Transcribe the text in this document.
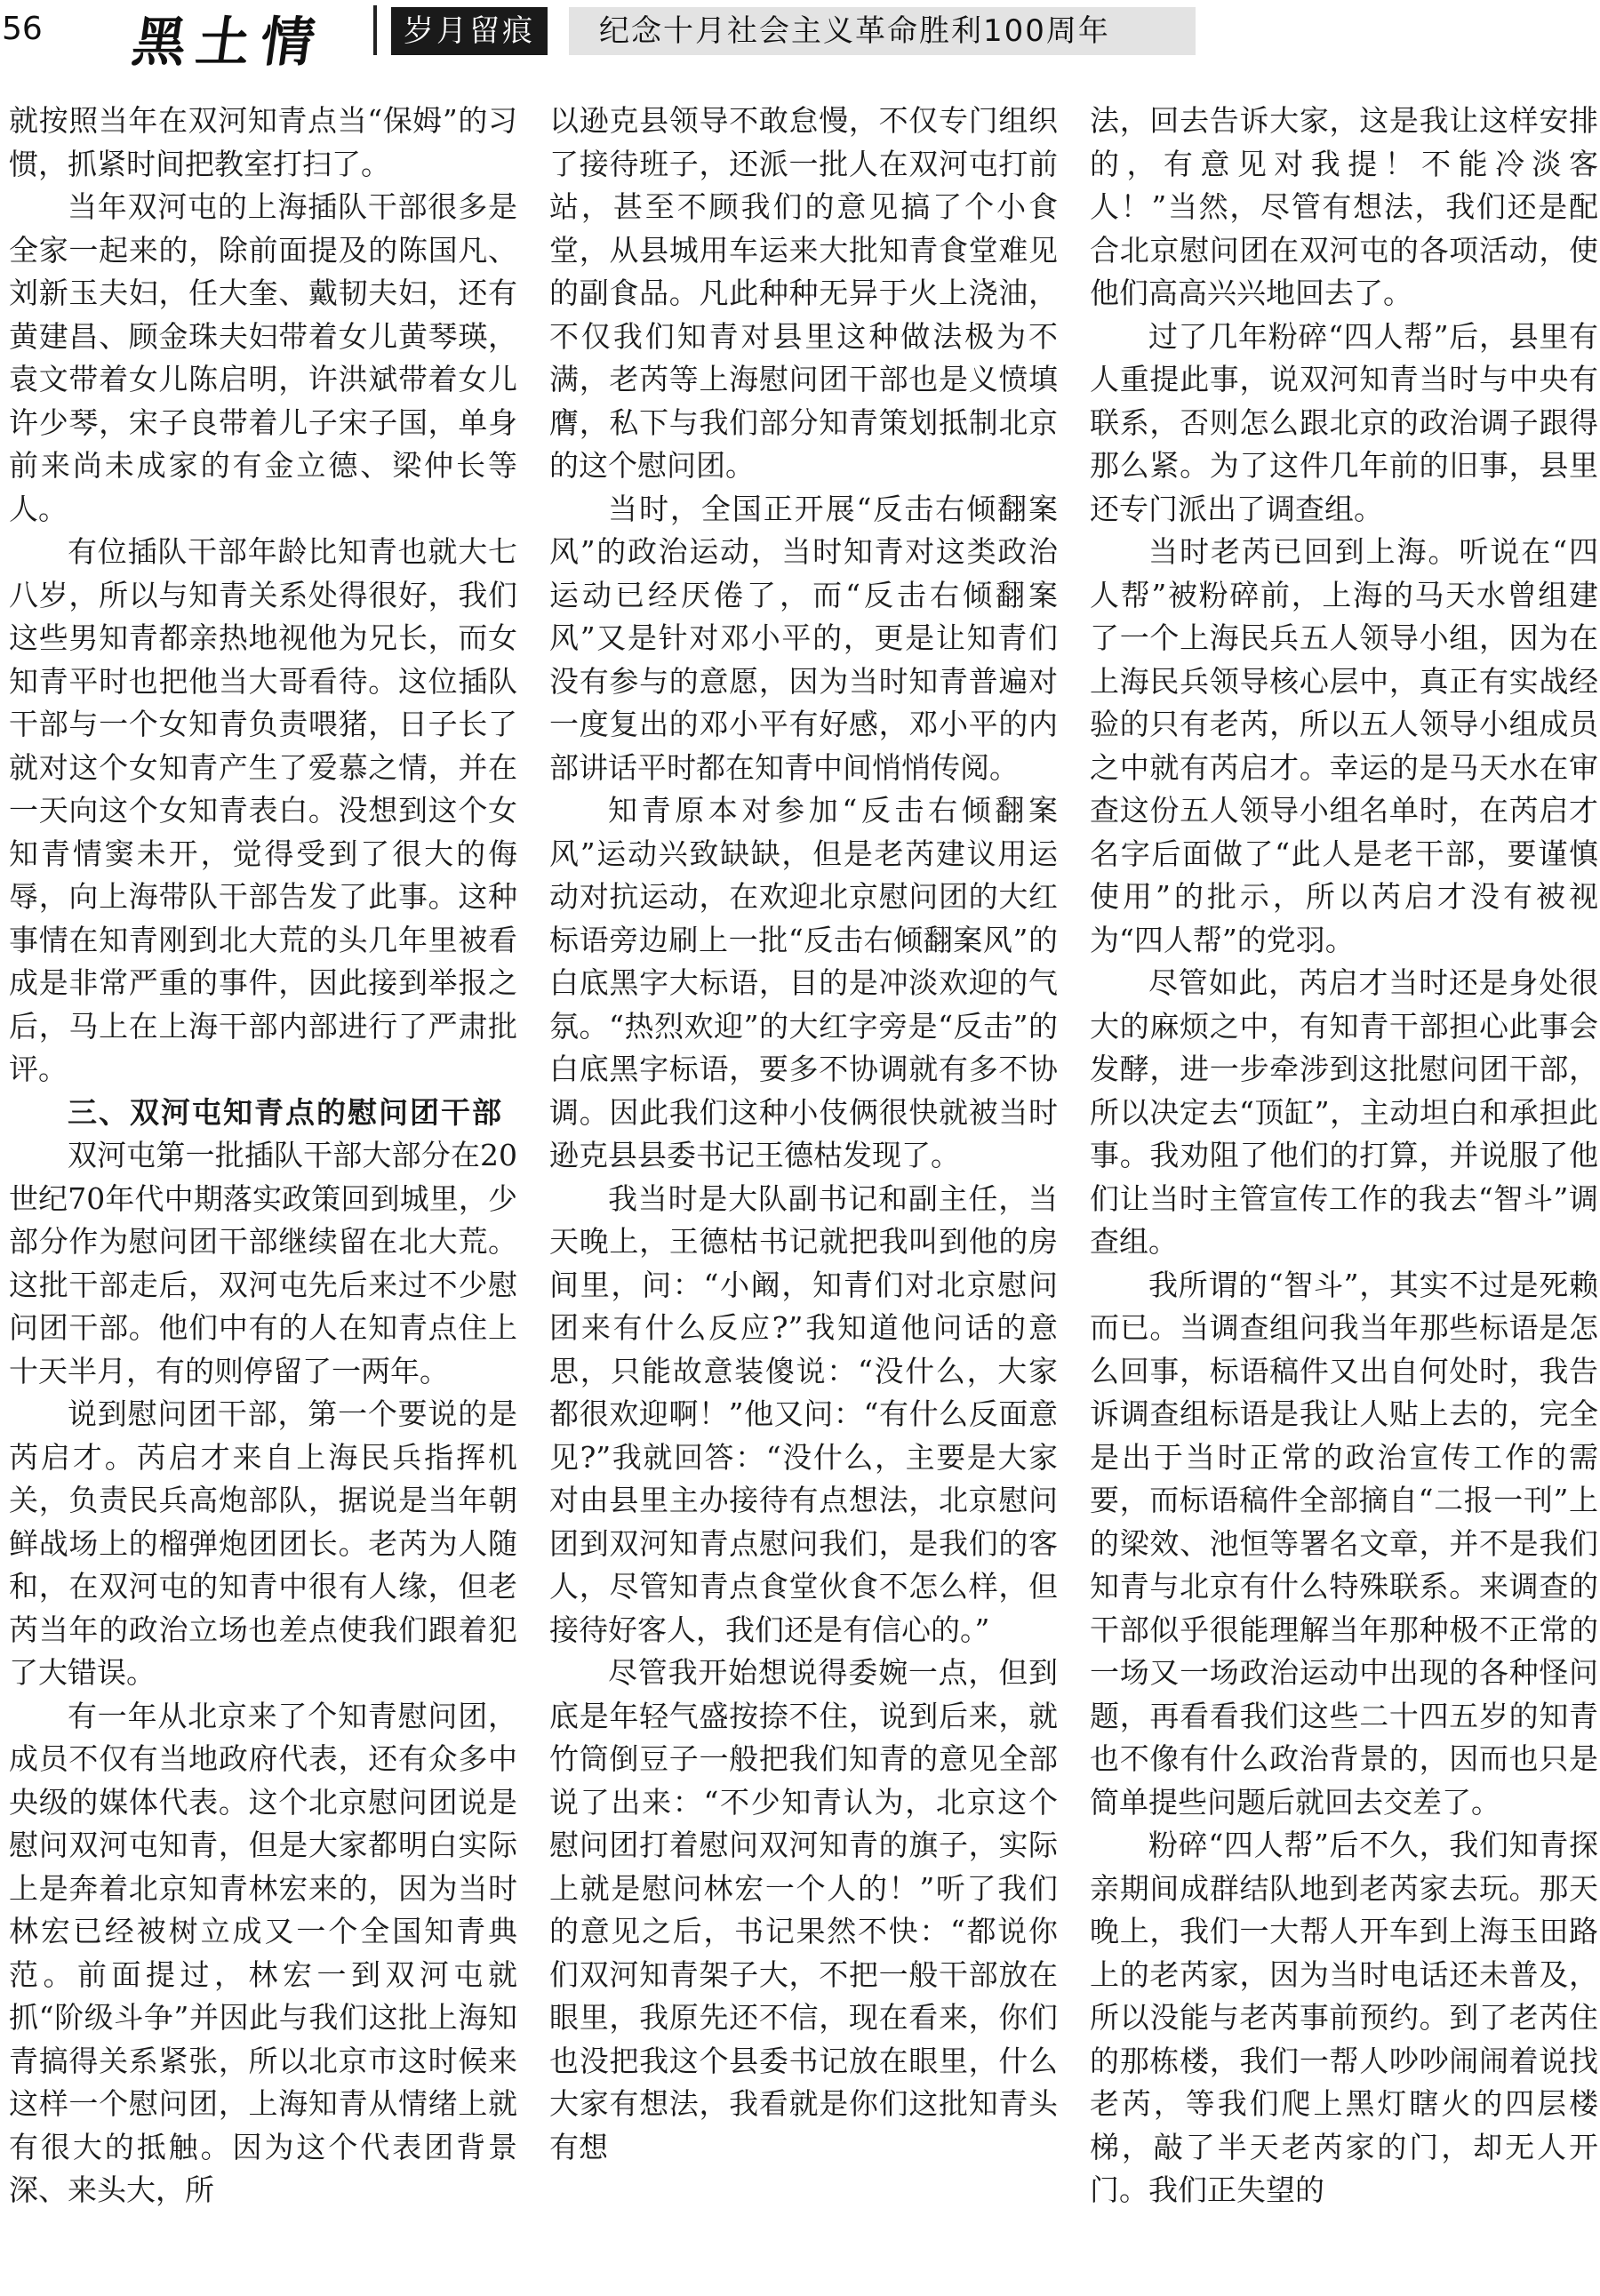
56 黑土情	岁月留痕	纪念十月社会主义革命胜利100周年

就按照当年在双河知青点当“保姆”的习惯，抓紧时间把教室打扫了。

当年双河屯的上海插队干部很多是全家一起来的，除前面提及的陈国凡、刘新玉夫妇，任大奎、戴韧夫妇，还有黄建昌、顾金珠夫妇带着女儿黄琴瑛，袁文带着女儿陈启明，许洪斌带着女儿许少琴，宋子良带着儿子宋子国，单身前来尚未成家的有金立德、梁仲长等人。

有位插队干部年龄比知青也就大七八岁，所以与知青关系处得很好，我们这些男知青都亲热地视他为兄长，而女知青平时也把他当大哥看待。这位插队干部与一个女知青负责喂猪，日子长了就对这个女知青产生了爱慕之情，并在一天向这个女知青表白。没想到这个女知青情窦未开，觉得受到了很大的侮辱，向上海带队干部告发了此事。这种事情在知青刚到北大荒的头几年里被看成是非常严重的事件，因此接到举报之后，马上在上海干部内部进行了严肃批评。

三、双河屯知青点的慰问团干部

双河屯第一批插队干部大部分在20世纪70年代中期落实政策回到城里，少部分作为慰问团干部继续留在北大荒。这批干部走后，双河屯先后来过不少慰问团干部。他们中有的人在知青点住上十天半月，有的则停留了一两年。

说到慰问团干部，第一个要说的是芮启才。芮启才来自上海民兵指挥机关，负责民兵高炮部队，据说是当年朝鲜战场上的榴弹炮团团长。老芮为人随和，在双河屯的知青中很有人缘，但老芮当年的政治立场也差点使我们跟着犯了大错误。

有一年从北京来了个知青慰问团，成员不仅有当地政府代表，还有众多中央级的媒体代表。这个北京慰问团说是慰问双河屯知青，但是大家都明白实际上是奔着北京知青林宏来的，因为当时林宏已经被树立成又一个全国知青典范。前面提过，林宏一到双河屯就抓“阶级斗争”并因此与我们这批上海知青搞得关系紧张，所以北京市这时候来这样一个慰问团，上海知青从情绪上就有很大的抵触。因为这个代表团背景深、来头大，所

以逊克县领导不敢怠慢，不仅专门组织了接待班子，还派一批人在双河屯打前站，甚至不顾我们的意见搞了个小食堂，从县城用车运来大批知青食堂难见的副食品。凡此种种无异于火上浇油，不仅我们知青对县里这种做法极为不满，老芮等上海慰问团干部也是义愤填膺，私下与我们部分知青策划抵制北京的这个慰问团。

当时，全国正开展“反击右倾翻案风”的政治运动，当时知青对这类政治运动已经厌倦了，而“反击右倾翻案风”又是针对邓小平的，更是让知青们没有参与的意愿，因为当时知青普遍对一度复出的邓小平有好感，邓小平的内部讲话平时都在知青中间悄悄传阅。

知青原本对参加“反击右倾翻案风”运动兴致缺缺，但是老芮建议用运动对抗运动，在欢迎北京慰问团的大红标语旁边刷上一批“反击右倾翻案风”的白底黑字大标语，目的是冲淡欢迎的气氛。“热烈欢迎”的大红字旁是“反击”的白底黑字标语，要多不协调就有多不协调。因此我们这种小伎俩很快就被当时逊克县县委书记王德枯发现了。

我当时是大队副书记和副主任，当天晚上，王德枯书记就把我叫到他的房间里，问：“小阚，知青们对北京慰问团来有什么反应?”我知道他问话的意思，只能故意装傻说：“没什么，大家都很欢迎啊！”他又问：“有什么反面意见?”我就回答：“没什么，主要是大家对由县里主办接待有点想法，北京慰问团到双河知青点慰问我们，是我们的客人，尽管知青点食堂伙食不怎么样，但接待好客人，我们还是有信心的。”

尽管我开始想说得委婉一点，但到底是年轻气盛按捺不住，说到后来，就竹筒倒豆子一般把我们知青的意见全部说了出来：“不少知青认为，北京这个慰问团打着慰问双河知青的旗子，实际上就是慰问林宏一个人的！”听了我们的意见之后，书记果然不快：“都说你们双河知青架子大，不把一般干部放在眼里，我原先还不信，现在看来，你们也没把我这个县委书记放在眼里，什么大家有想法，我看就是你们这批知青头有想

法，回去告诉大家，这是我让这样安排的，有意见对我提！不能冷淡客人！”当然，尽管有想法，我们还是配合北京慰问团在双河屯的各项活动，使他们高高兴兴地回去了。

过了几年粉碎“四人帮”后，县里有人重提此事，说双河知青当时与中央有联系，否则怎么跟北京的政治调子跟得那么紧。为了这件几年前的旧事，县里还专门派出了调查组。

当时老芮已回到上海。听说在“四人帮”被粉碎前，上海的马天水曾组建了一个上海民兵五人领导小组，因为在上海民兵领导核心层中，真正有实战经验的只有老芮，所以五人领导小组成员之中就有芮启才。幸运的是马天水在审查这份五人领导小组名单时，在芮启才名字后面做了“此人是老干部，要谨慎使用”的批示，所以芮启才没有被视为“四人帮”的党羽。

尽管如此，芮启才当时还是身处很大的麻烦之中，有知青干部担心此事会发酵，进一步牵涉到这批慰问团干部，所以决定去“顶缸”，主动坦白和承担此事。我劝阻了他们的打算，并说服了他们让当时主管宣传工作的我去“智斗”调查组。

我所谓的“智斗”，其实不过是死赖而已。当调查组问我当年那些标语是怎么回事，标语稿件又出自何处时，我告诉调查组标语是我让人贴上去的，完全是出于当时正常的政治宣传工作的需要，而标语稿件全部摘自“二报一刊”上的梁效、池恒等署名文章，并不是我们知青与北京有什么特殊联系。来调查的干部似乎很能理解当年那种极不正常的一场又一场政治运动中出现的各种怪问题，再看看我们这些二十四五岁的知青也不像有什么政治背景的，因而也只是简单提些问题后就回去交差了。

粉碎“四人帮”后不久，我们知青探亲期间成群结队地到老芮家去玩。那天晚上，我们一大帮人开车到上海玉田路上的老芮家，因为当时电话还未普及，所以没能与老芮事前预约。到了老芮住的那栋楼，我们一帮人吵吵闹闹着说找老芮，等我们爬上黑灯瞎火的四层楼梯，敲了半天老芮家的门，却无人开门。我们正失望的
